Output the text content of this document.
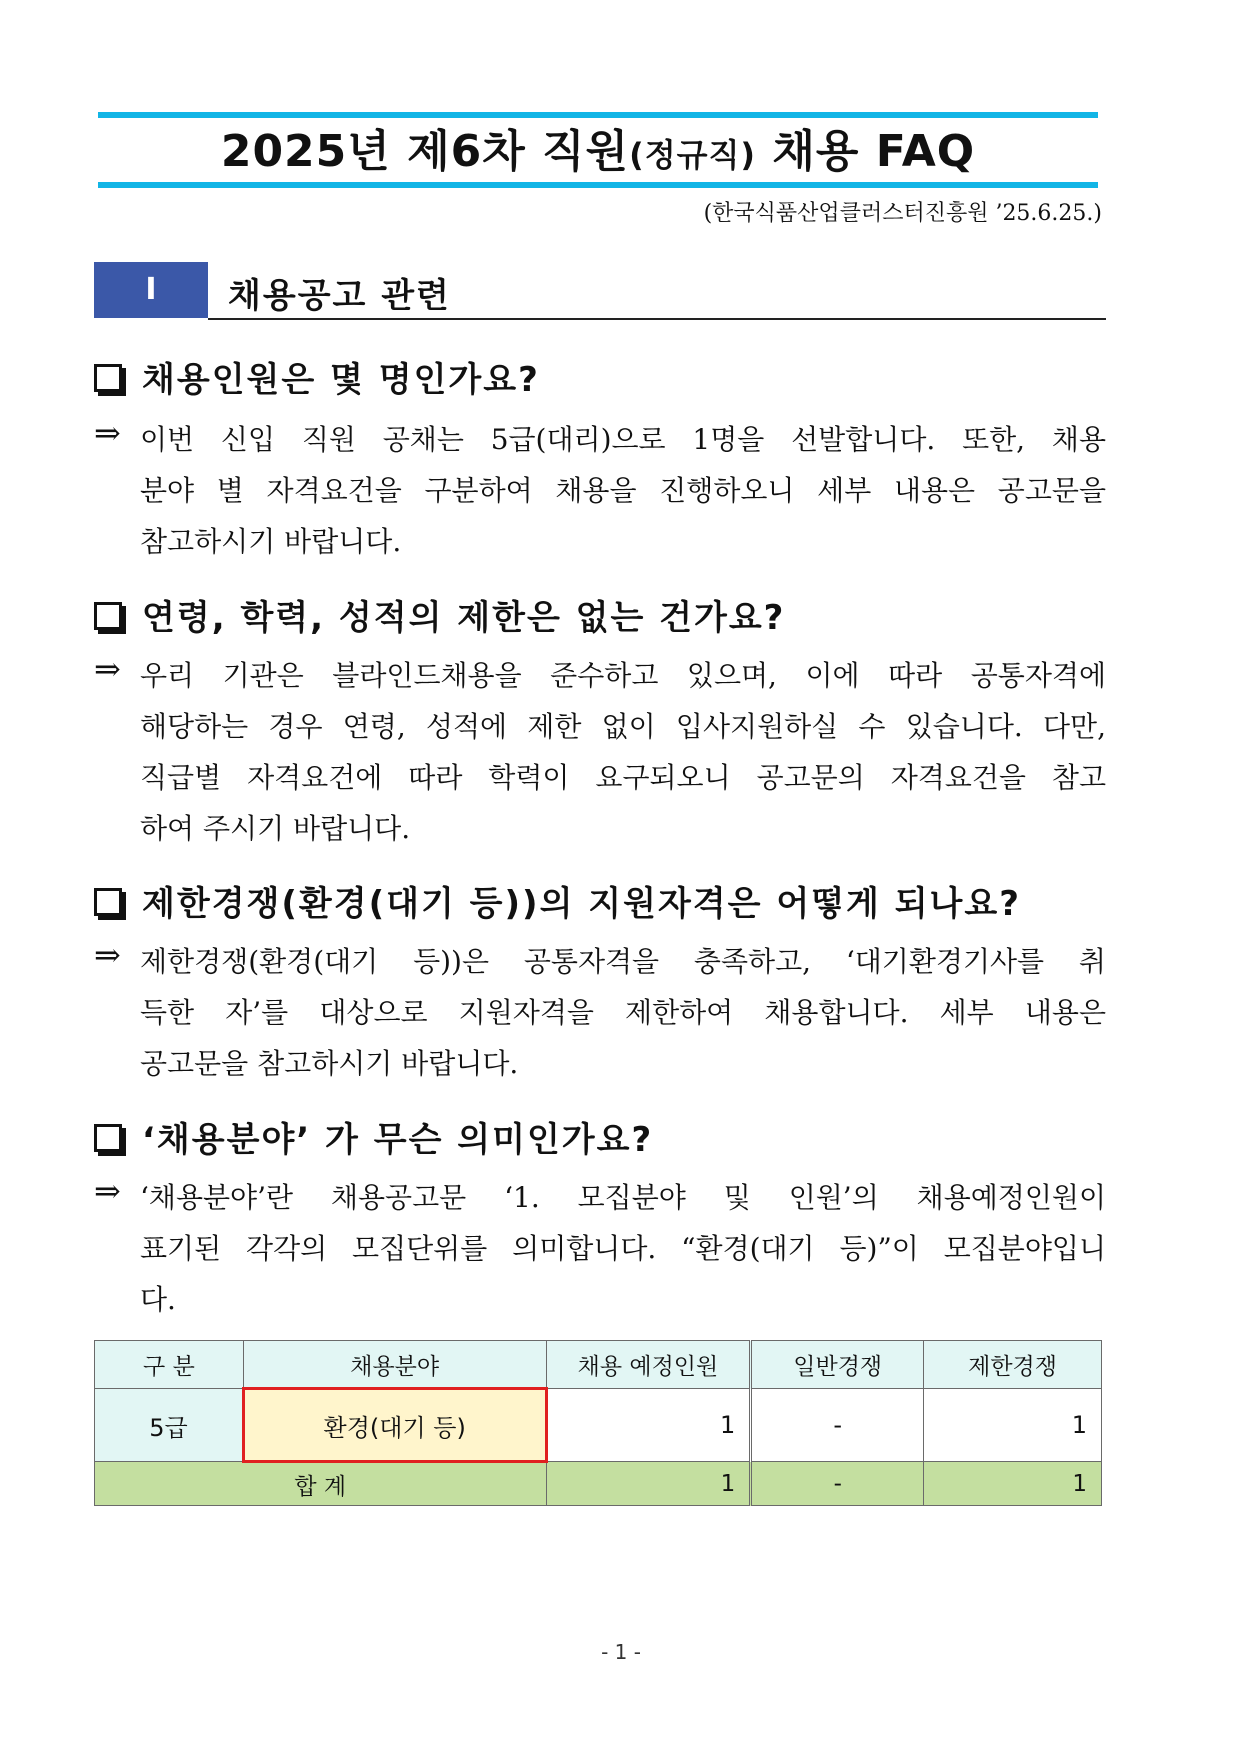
2025년 제6차 직원(정규직) 채용 FAQ
(한국식품산업클러스터진흥원 ’25.6.25.)
Ⅰ	채용공고 관련
채용인원은 몇 명인가요?
⇒ 이번 신입 직원 공채는 5급(대리)으로 1명을 선발합니다. 또한, 채용
분야 별 자격요건을 구분하여 채용을 진행하오니 세부 내용은 공고문을
참고하시기 바랍니다.
연령, 학력, 성적의 제한은 없는 건가요?
⇒ 우리 기관은 블라인드채용을 준수하고 있으며, 이에 따라 공통자격에
해당하는 경우 연령, 성적에 제한 없이 입사지원하실 수 있습니다. 다만,
직급별 자격요건에 따라 학력이 요구되오니 공고문의 자격요건을 참고
하여 주시기 바랍니다.
제한경쟁(환경(대기 등))의 지원자격은 어떻게 되나요?
⇒ 제한경쟁(환경(대기 등))은 공통자격을 충족하고, ‘대기환경기사를 취
득한 자’를 대상으로 지원자격을 제한하여 채용합니다. 세부 내용은
공고문을 참고하시기 바랍니다.
‘채용분야’ 가 무슨 의미인가요?
⇒ ‘채용분야’란 채용공고문 ‘1. 모집분야 및 인원’의 채용예정인원이
표기된 각각의 모집단위를 의미합니다. “환경(대기 등)”이 모집분야입니
다.
구 분	채용분야	채용 예정인원	일반경쟁	제한경쟁
5급	환경(대기 등)	1	-	1
합 계		1	-	1
- 1 -
